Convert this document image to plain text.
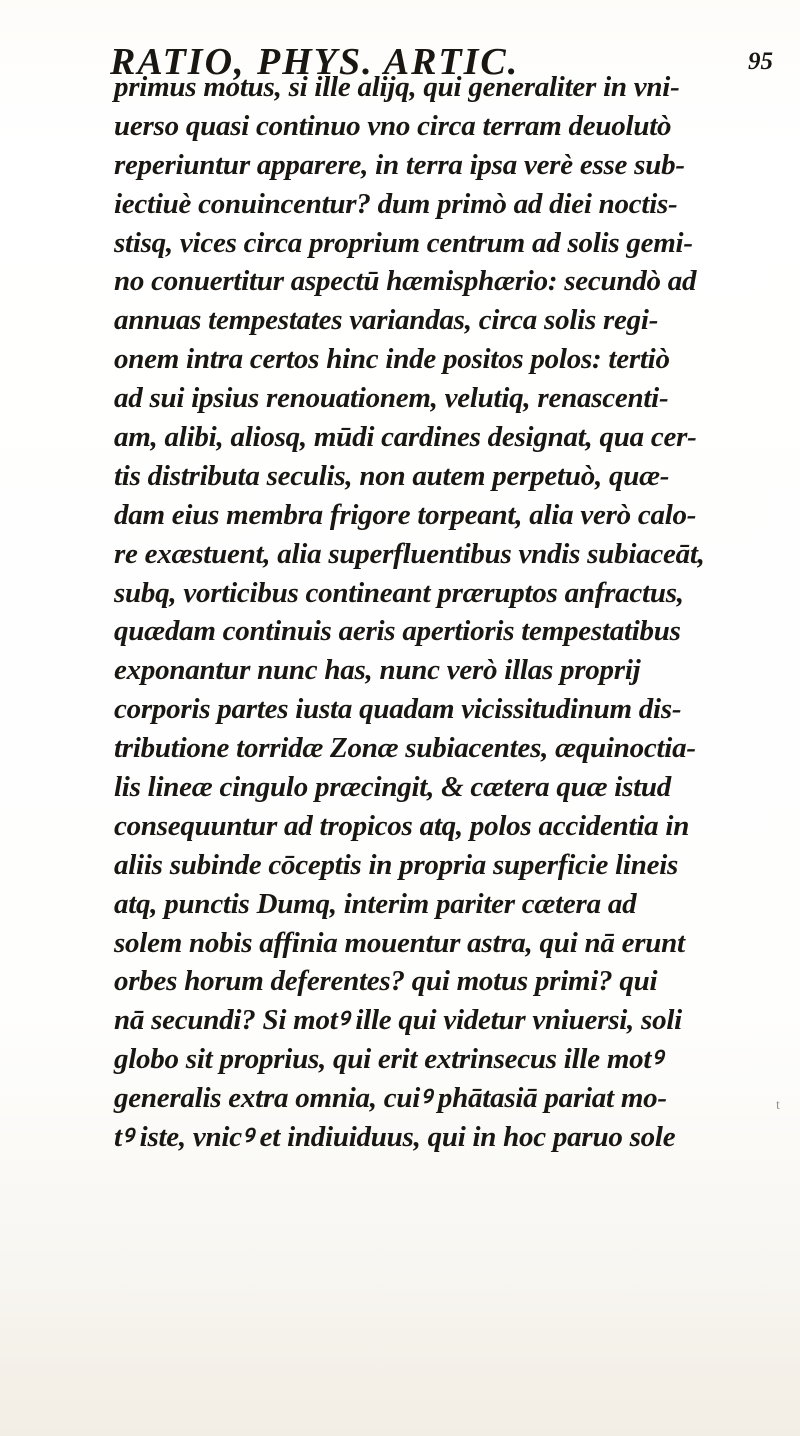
RATIO, PHYS. ARTIC.	95
primus motus, si ille alijq, qui generaliter in vni-
uerso quasi continuo vno circa terram deuolutò
reperiuntur apparere, in terra ipsa verè esse sub-
iectiuè conuincentur? dum primò ad diei noctis-
stisq, vices circa proprium centrum ad solis gemi-
no conuertitur aspectū hæmisphærio: secundò ad
annuas tempestates variandas, circa solis regi-
onem intra certos hinc inde positos polos: tertiò
ad sui ipsius renouationem, velutiq, renascenti-
am, alibi, aliosq, mūdi cardines designat, qua cer-
tis distributa seculis, non autem perpetuò, quæ-
dam eius membra frigore torpeant, alia verò calo-
re exæstuent, alia superfluentibus vndis subiaceāt,
subq, vorticibus contineant præruptos anfractus,
quædam continuis aeris apertioris tempestatibus
exponantur nunc has, nunc verò illas proprij
corporis partes iusta quadam vicissitudinum dis-
tributione torridæ Zonæ subiacentes, æquinoctia-
lis lineæ cingulo præcingit, & cætera quæ istud
consequuntur ad tropicos atq, polos accidentia in
aliis subinde cōceptis in propria superficie lineis
atq, punctis Dumq, interim pariter cætera ad
solem nobis affinia mouentur astra, qui nā erunt
orbes horum deferentes? qui motus primi? qui
nā secundi? Si motꝰ ille qui videtur vniuersi, soli
globo sit proprius, qui erit extrinsecus ille motꝰ
generalis extra omnia, cuiꝰ phātasiā pariat mo-
tꝰ iste, vnicꝰ et indiuiduus, qui in hoc paruo sole
t
